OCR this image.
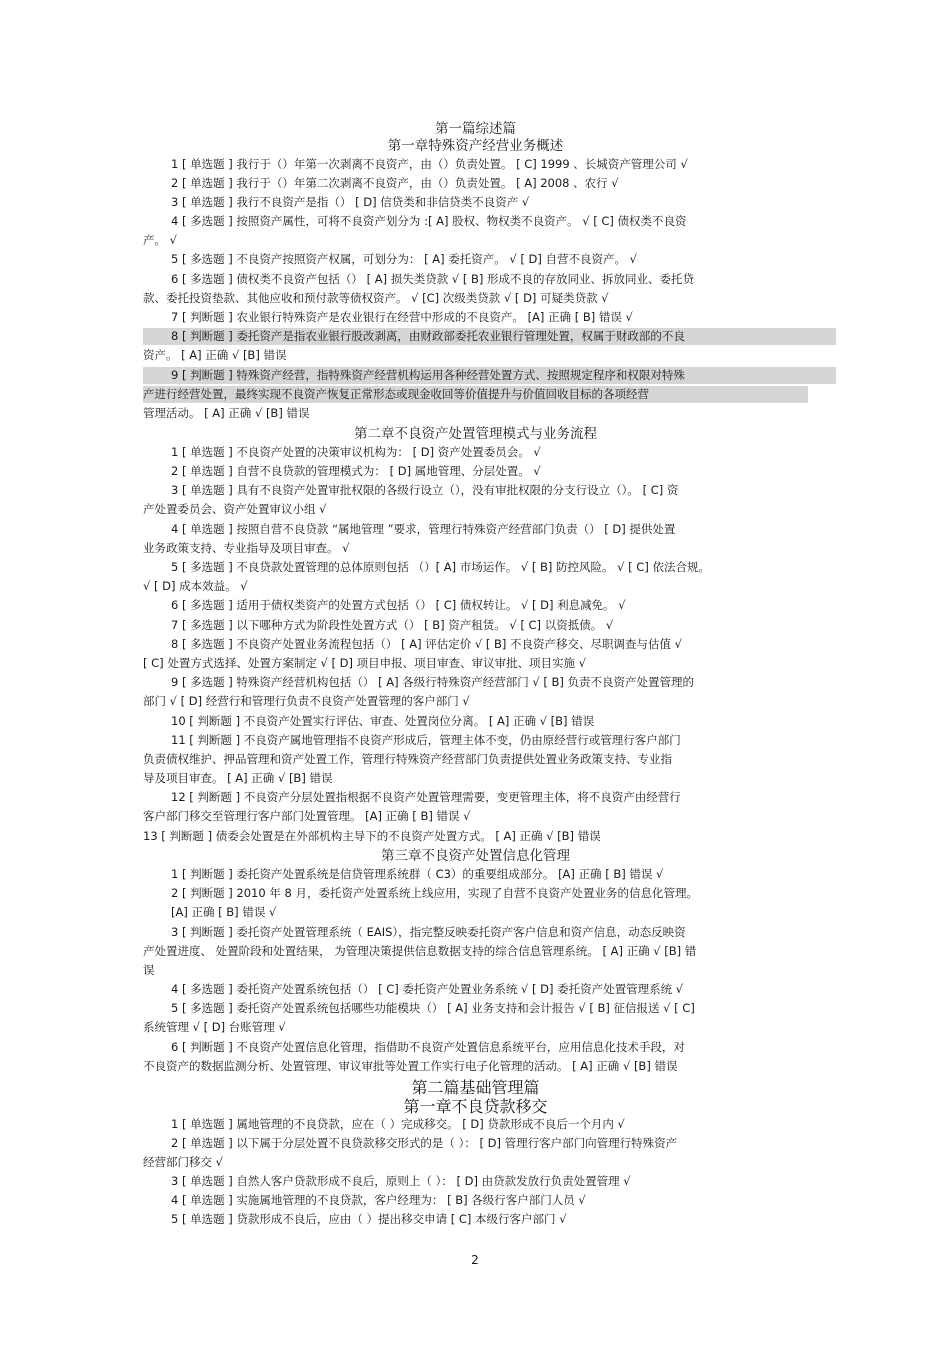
第一篇综述篇
第一章特殊资产经营业务概述
1 [ 单选题 ] 我行于（）年第一次剥离不良资产，由（）负责处置。 [ C] 1999 、长城资产管理公司 √
2 [ 单选题 ] 我行于（）年第二次剥离不良资产，由（）负责处置。 [ A] 2008 、农行 √
3 [ 单选题 ] 我行不良资产是指（） [ D] 信贷类和非信贷类不良资产 √
4 [ 多选题 ] 按照资产属性，可将不良资产划分为 :[ A] 股权、物权类不良资产。 √ [ C] 债权类不良资
产。 √
5 [ 多选题 ] 不良资产按照资产权属，可划分为： [ A] 委托资产。 √ [ D] 自营不良资产。 √
6 [ 多选题 ] 债权类不良资产包括（） [ A] 损失类贷款 √ [ B] 形成不良的存放同业、拆放同业、委托贷
款、委托投资垫款、其他应收和预付款等债权资产。 √ [C] 次级类贷款 √ [ D] 可疑类贷款 √
7 [ 判断题 ] 农业银行特殊资产是农业银行在经营中形成的不良资产。 [A] 正确 [ B] 错误 √
8 [ 判断题 ] 委托资产是指农业银行股改剥离，由财政部委托农业银行管理处置，权属于财政部的不良
资产。 [ A] 正确 √ [B] 错误
9 [ 判断题 ] 特殊资产经营，指特殊资产经营机构运用各种经营处置方式、按照规定程序和权限对特殊
产进行经营处置，最终实现不良资产恢复正常形态或现金收回等价值提升与价值回收目标的各项经营
管理活动。 [ A] 正确 √ [B] 错误
第二章不良资产处置管理模式与业务流程
1 [ 单选题 ] 不良资产处置的决策审议机构为： [ D] 资产处置委员会。 √
2 [ 单选题 ] 自营不良贷款的管理模式为： [ D] 属地管理、分层处置。 √
3 [ 单选题 ] 具有不良资产处置审批权限的各级行设立（），没有审批权限的分支行设立（）。 [ C] 资
产处置委员会、资产处置审议小组 √
4 [ 单选题 ] 按照自营不良贷款 “属地管理 ”要求，管理行特殊资产经营部门负责（） [ D] 提供处置
业务政策支持、专业指导及项目审查。 √
5 [ 多选题 ] 不良贷款处置管理的总体原则包括 （）[ A] 市场运作。 √ [ B] 防控风险。 √ [ C] 依法合规。
√ [ D] 成本效益。 √
6 [ 多选题 ] 适用于债权类资产的处置方式包括（） [ C] 债权转让。 √ [ D] 利息减免。 √
7 [ 多选题 ] 以下哪种方式为阶段性处置方式（） [ B] 资产租赁。 √ [ C] 以资抵债。 √
8 [ 多选题 ] 不良资产处置业务流程包括（） [ A] 评估定价 √ [ B] 不良资产移交、尽职调查与估值 √
[ C] 处置方式选择、处置方案制定 √ [ D] 项目申报、项目审查、审议审批、项目实施 √
9 [ 多选题 ] 特殊资产经营机构包括（） [ A] 各级行特殊资产经营部门 √ [ B] 负责不良资产处置管理的
部门 √ [ D] 经营行和管理行负责不良资产处置管理的客户部门 √
10 [ 判断题 ] 不良资产处置实行评估、审查、处置岗位分离。 [ A] 正确 √ [B] 错误
11 [ 判断题 ] 不良资产属地管理指不良资产形成后，管理主体不变，仍由原经营行或管理行客户部门
负责债权维护、押品管理和资产处置工作，管理行特殊资产经营部门负责提供处置业务政策支持、专业指
导及项目审查。 [ A] 正确 √ [B] 错误
12 [ 判断题 ] 不良资产分层处置指根据不良资产处置管理需要，变更管理主体，将不良资产由经营行
客户部门移交至管理行客户部门处置管理。 [A] 正确 [ B] 错误 √
13 [ 判断题 ] 债委会处置是在外部机构主导下的不良资产处置方式。 [ A] 正确 √ [B] 错误
第三章不良资产处置信息化管理
1 [ 判断题 ] 委托资产处置系统是信贷管理系统群（ C3）的重要组成部分。 [A] 正确 [ B] 错误 √
2 [ 判断题 ] 2010 年 8 月，委托资产处置系统上线应用，实现了自营不良资产处置业务的信息化管理。
[A] 正确 [ B] 错误 √
3 [ 判断题 ] 委托资产处置管理系统（ EAIS），指完整反映委托资产客户信息和资产信息，动态反映资
产处置进度、 处置阶段和处置结果， 为管理决策提供信息数据支持的综合信息管理系统。 [ A] 正确 √ [B] 错
误
4 [ 多选题 ] 委托资产处置系统包括（） [ C] 委托资产处置业务系统 √ [ D] 委托资产处置管理系统 √
5 [ 多选题 ] 委托资产处置系统包括哪些功能模块（） [ A] 业务支持和会计报告 √ [ B] 征信报送 √ [ C]
系统管理 √ [ D] 台账管理 √
6 [ 判断题 ] 不良资产处置信息化管理，指借助不良资产处置信息系统平台，应用信息化技术手段，对
不良资产的数据监测分析、处置管理、审议审批等处置工作实行电子化管理的活动。 [ A] 正确 √ [B] 错误
第二篇基础管理篇
第一章不良贷款移交
1 [ 单选题 ] 属地管理的不良贷款，应在（ ）完成移交。 [ D] 贷款形成不良后一个月内 √
2 [ 单选题 ] 以下属于分层处置不良贷款移交形式的是（ ）： [ D] 管理行客户部门向管理行特殊资产
经营部门移交 √
3 [ 单选题 ] 自然人客户贷款形成不良后，原则上（ ）： [ D] 由贷款发放行负责处置管理 √
4 [ 单选题 ] 实施属地管理的不良贷款，客户经理为： [ B] 各级行客户部门人员 √
5 [ 单选题 ] 贷款形成不良后，应由（ ）提出移交申请 [ C] 本级行客户部门 √
2
